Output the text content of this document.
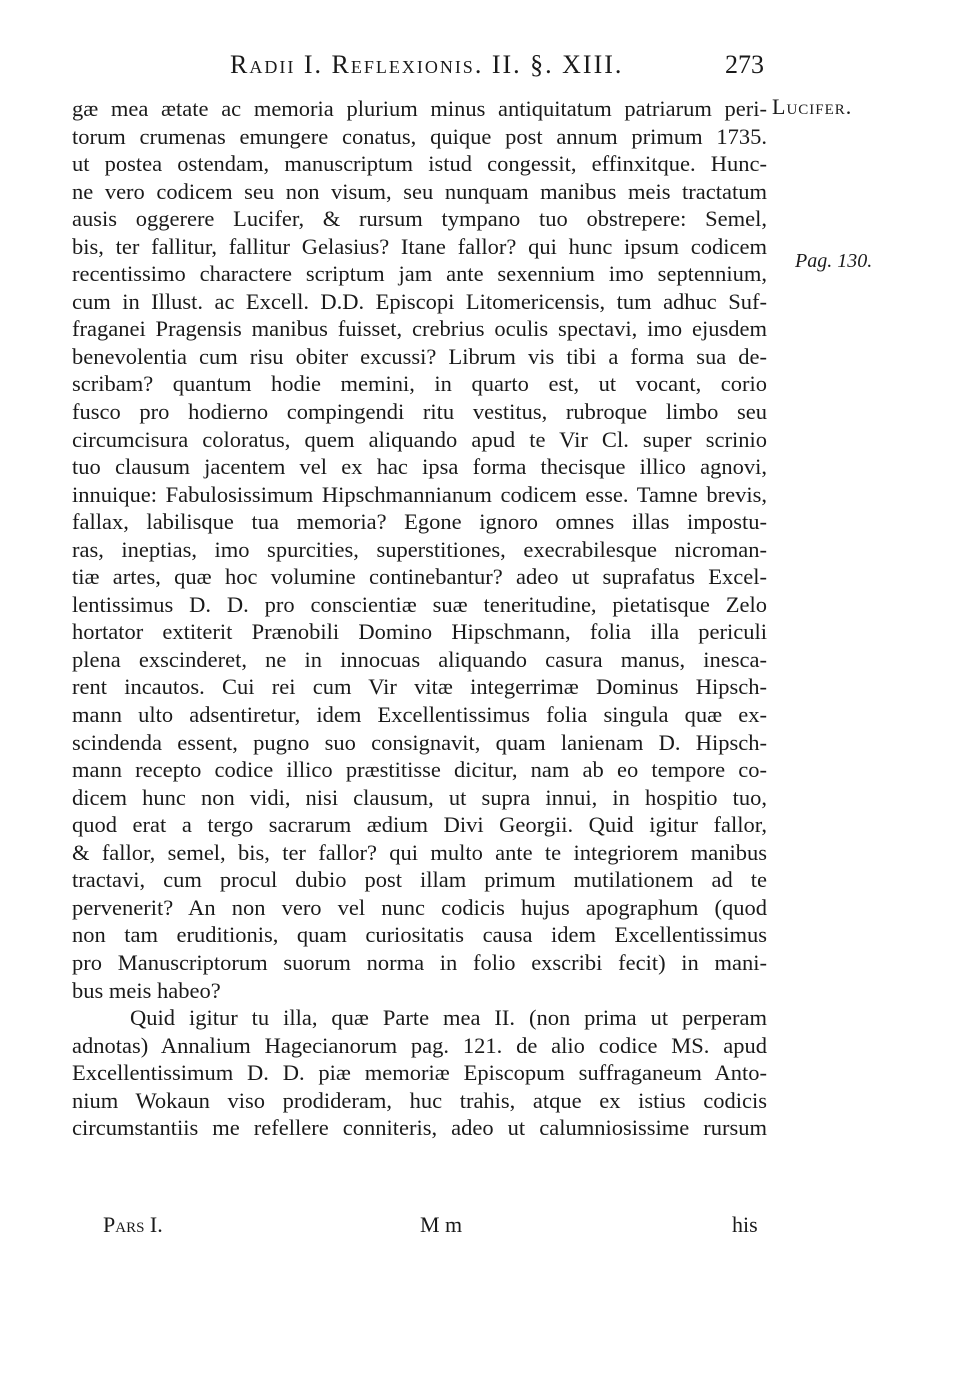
Radii I. Reflexionis. II. §. XIII.	273
Lucifer.
Pag. 130.
gæ mea ætate ac memoria plurium minus antiquitatum patriarum peri-
torum crumenas emungere conatus, quique post annum primum 1735.
ut postea ostendam, manuscriptum istud congessit, effinxitque. Hunc-
ne vero codicem seu non visum, seu nunquam manibus meis tractatum
ausis oggerere Lucifer, & rursum tympano tuo obstrepere: Semel,
bis, ter fallitur, fallitur Gelasius? Itane fallor? qui hunc ipsum codicem
recentissimo charactere scriptum jam ante sexennium imo septennium,
cum in Illust. ac Excell. D.D. Episcopi Litomericensis, tum adhuc Suf-
fraganei Pragensis manibus fuisset, crebrius oculis spectavi, imo ejusdem
benevolentia cum risu obiter excussi? Librum vis tibi a forma sua de-
scribam? quantum hodie memini, in quarto est, ut vocant, corio
fusco pro hodierno compingendi ritu vestitus, rubroque limbo seu
circumcisura coloratus, quem aliquando apud te Vir Cl. super scrinio
tuo clausum jacentem vel ex hac ipsa forma thecisque illico agnovi,
innuique: Fabulosissimum Hipschmannianum codicem esse. Tamne brevis,
fallax, labilisque tua memoria? Egone ignoro omnes illas impostu-
ras, ineptias, imo spurcities, superstitiones, execrabilesque nicroman-
tiæ artes, quæ hoc volumine continebantur? adeo ut suprafatus Excel-
lentissimus D. D. pro conscientiæ suæ teneritudine, pietatisque Zelo
hortator extiterit Prænobili Domino Hipschmann, folia illa periculi
plena exscinderet, ne in innocuas aliquando casura manus, inesca-
rent incautos. Cui rei cum Vir vitæ integerrimæ Dominus Hipsch-
mann ulto adsentiretur, idem Excellentissimus folia singula quæ ex-
scindenda essent, pugno suo consignavit, quam lanienam D. Hipsch-
mann recepto codice illico præstitisse dicitur, nam ab eo tempore co-
dicem hunc non vidi, nisi clausum, ut supra innui, in hospitio tuo,
quod erat a tergo sacrarum ædium Divi Georgii. Quid igitur fallor,
& fallor, semel, bis, ter fallor? qui multo ante te integriorem manibus
tractavi, cum procul dubio post illam primum mutilationem ad te
pervenerit? An non vero vel nunc codicis hujus apographum (quod
non tam eruditionis, quam curiositatis causa idem Excellentissimus
pro Manuscriptorum suorum norma in folio exscribi fecit) in mani-
bus meis habeo?
Quid igitur tu illa, quæ Parte mea II. (non prima ut perperam
adnotas) Annalium Hagecianorum pag. 121. de alio codice MS. apud
Excellentissimum D. D. piæ memoriæ Episcopum suffraganeum Anto-
nium Wokaun viso prodideram, huc trahis, atque ex istius codicis
circumstantiis me refellere conniteris, adeo ut calumniosissime rursum
Pars I.	M m	his
